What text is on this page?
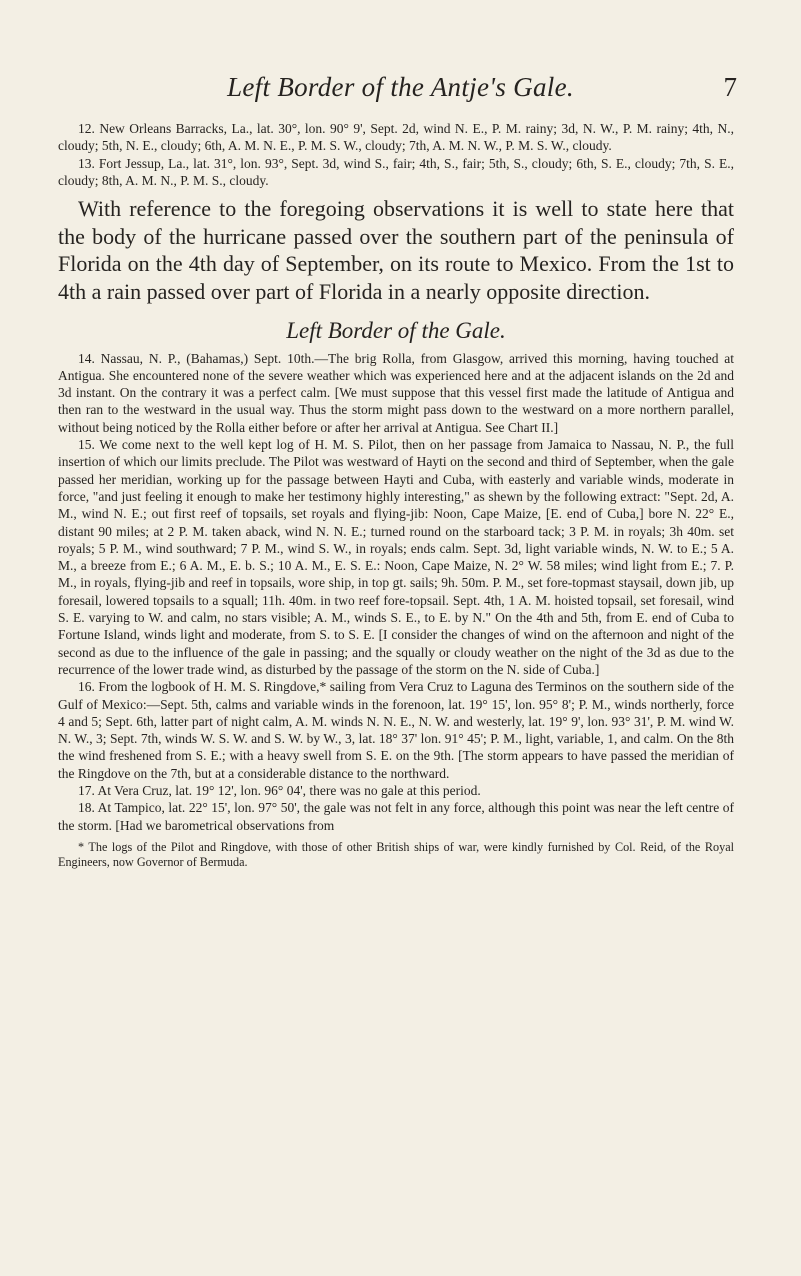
Left Border of the Antje's Gale.	7

12. New Orleans Barracks, La., lat. 30°, lon. 90° 9', Sept. 2d, wind N. E., P. M. rainy; 3d, N. W., P. M. rainy; 4th, N., cloudy; 5th, N. E., cloudy; 6th, A. M. N. E., P. M. S. W., cloudy; 7th, A. M. N. W., P. M. S. W., cloudy.

13. Fort Jessup, La., lat. 31°, lon. 93°, Sept. 3d, wind S., fair; 4th, S., fair; 5th, S., cloudy; 6th, S. E., cloudy; 7th, S. E., cloudy; 8th, A. M. N., P. M. S., cloudy.

With reference to the foregoing observations it is well to state here that the body of the hurricane passed over the southern part of the peninsula of Florida on the 4th day of September, on its route to Mexico. From the 1st to 4th a rain passed over part of Florida in a nearly opposite direction.

Left Border of the Gale.

14. Nassau, N. P., (Bahamas,) Sept. 10th.—The brig Rolla, from Glasgow, arrived this morning, having touched at Antigua. She encountered none of the severe weather which was experienced here and at the adjacent islands on the 2d and 3d instant. On the contrary it was a perfect calm. [We must suppose that this vessel first made the latitude of Antigua and then ran to the westward in the usual way. Thus the storm might pass down to the westward on a more northern parallel, without being noticed by the Rolla either before or after her arrival at Antigua. See Chart II.]

15. We come next to the well kept log of H. M. S. Pilot, then on her passage from Jamaica to Nassau, N. P., the full insertion of which our limits preclude. The Pilot was westward of Hayti on the second and third of September, when the gale passed her meridian, working up for the passage between Hayti and Cuba, with easterly and variable winds, moderate in force, "and just feeling it enough to make her testimony highly interesting," as shewn by the following extract: "Sept. 2d, A. M., wind N. E.; out first reef of topsails, set royals and flying-jib: Noon, Cape Maize, [E. end of Cuba,] bore N. 22° E., distant 90 miles; at 2 P. M. taken aback, wind N. N. E.; turned round on the starboard tack; 3 P. M. in royals; 3h 40m. set royals; 5 P. M., wind southward; 7 P. M., wind S. W., in royals; ends calm. Sept. 3d, light variable winds, N. W. to E.; 5 A. M., a breeze from E.; 6 A. M., E. b. S.; 10 A. M., E. S. E.: Noon, Cape Maize, N. 2° W. 58 miles; wind light from E.; 7. P. M., in royals, flying-jib and reef in topsails, wore ship, in top gt. sails; 9h. 50m. P. M., set fore-topmast staysail, down jib, up foresail, lowered topsails to a squall; 11h. 40m. in two reef fore-topsail. Sept. 4th, 1 A. M. hoisted topsail, set foresail, wind S. E. varying to W. and calm, no stars visible; A. M., winds S. E., to E. by N." On the 4th and 5th, from E. end of Cuba to Fortune Island, winds light and moderate, from S. to S. E. [I consider the changes of wind on the afternoon and night of the second as due to the influence of the gale in passing; and the squally or cloudy weather on the night of the 3d as due to the recurrence of the lower trade wind, as disturbed by the passage of the storm on the N. side of Cuba.]

16. From the logbook of H. M. S. Ringdove,* sailing from Vera Cruz to Laguna des Terminos on the southern side of the Gulf of Mexico:—Sept. 5th, calms and variable winds in the forenoon, lat. 19° 15', lon. 95° 8'; P. M., winds northerly, force 4 and 5; Sept. 6th, latter part of night calm, A. M. winds N. N. E., N. W. and westerly, lat. 19° 9', lon. 93° 31', P. M. wind W. N. W., 3; Sept. 7th, winds W. S. W. and S. W. by W., 3, lat. 18° 37' lon. 91° 45'; P. M., light, variable, 1, and calm. On the 8th the wind freshened from S. E.; with a heavy swell from S. E. on the 9th. [The storm appears to have passed the meridian of the Ringdove on the 7th, but at a considerable distance to the northward.

17. At Vera Cruz, lat. 19° 12', lon. 96° 04', there was no gale at this period.

18. At Tampico, lat. 22° 15', lon. 97° 50', the gale was not felt in any force, although this point was near the left centre of the storm. [Had we barometrical observations from

* The logs of the Pilot and Ringdove, with those of other British ships of war, were kindly furnished by Col. Reid, of the Royal Engineers, now Governor of Bermuda.
